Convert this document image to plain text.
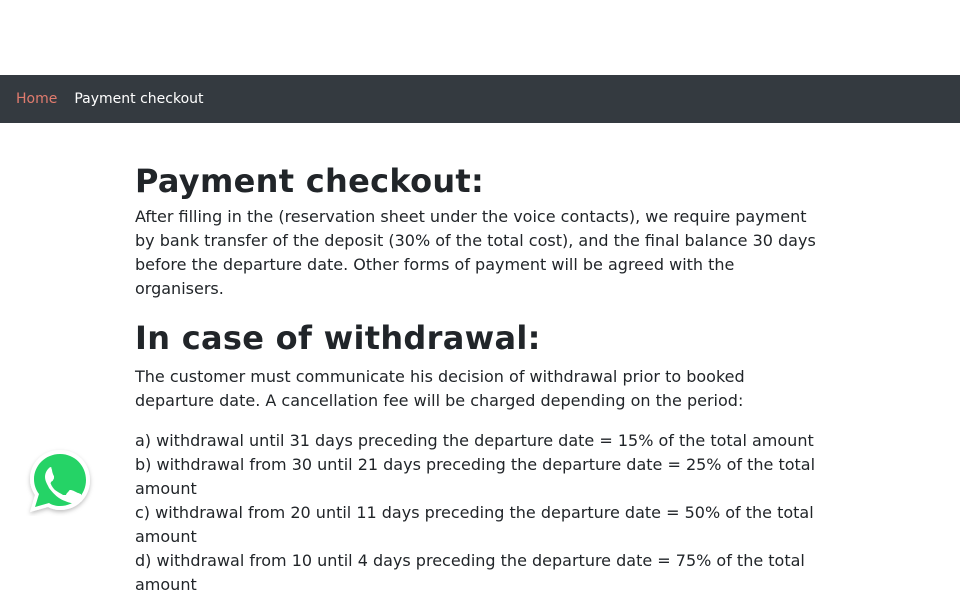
Home Payment checkout
Payment checkout:

After filling in the (reservation sheet under the voice contacts), we require payment by bank transfer of the deposit (30% of the total cost), and the final balance 30 days before the departure date. Other forms of payment will be agreed with the organisers.

In case of withdrawal:

The customer must communicate his decision of withdrawal prior to booked departure date. A cancellation fee will be charged depending on the period:

a) withdrawal until 31 days preceding the departure date = 15% of the total amount
b) withdrawal from 30 until 21 days preceding the departure date = 25% of the total amount
c) withdrawal from 20 until 11 days preceding the departure date = 50% of the total amount
d) withdrawal from 10 until 4 days preceding the departure date = 75% of the total amount
